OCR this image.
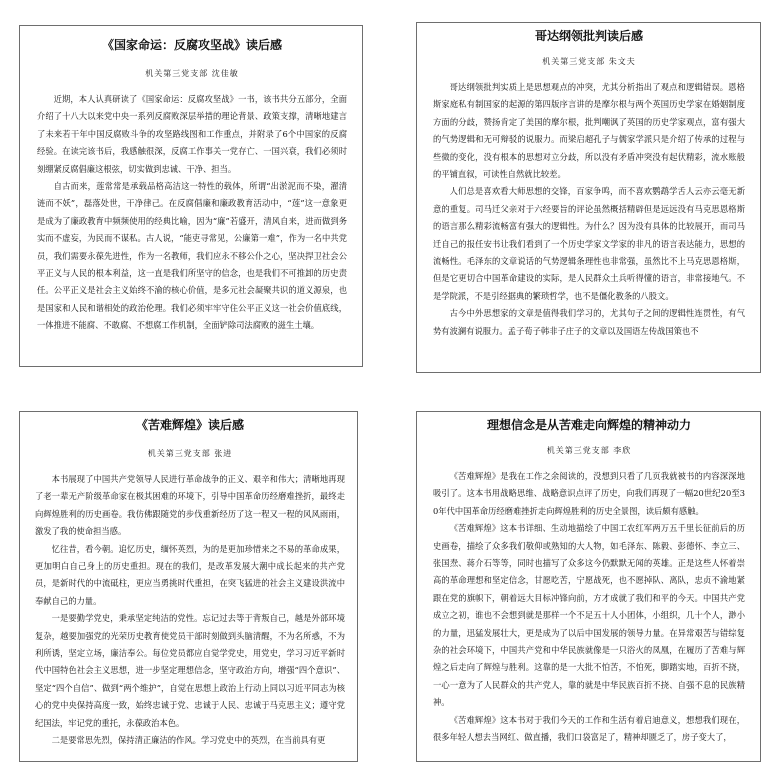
《国家命运：反腐攻坚战》读后感
机关第三党支部 沈佳敏

近期，本人认真研读了《国家命运：反腐攻坚战》一书，该书共分五部分，全面介绍了十八大以来党中央一系列反腐败深层举措的理论背景、政策支撑，清晰地建言了未来若干年中国反腐败斗争的攻坚路线图和工作重点，并附录了6个中国家的反腐经验。在读完该书后，我感触很深，反腐工作事关一党存亡、一国兴衰，我们必须时刻绷紧反腐倡廉这根弦，切实做到忠诚、干净、担当。

自古而来，莲常常是承载品格高洁这一特性的载体，所谓“出淤泥而不染，濯清涟而不妖”，磊落处世，干净律己。在反腐倡廉和廉政教育活动中，“莲”这一意象更是成为了廉政教育中频频使用的经典比喻，因为“廉”若盛开，清风自来，进而做到务实而不虚妄，为民而不谋私。古人说，“能吏寻常见，公廉第一难”，作为一名中共党员，我们需要永葆先进性，作为一名教师，我们应永不移公仆之心，坚决捍卫社会公平正义与人民的根本利益，这一直是我们所坚守的信念，也是我们不可推卸的历史责任。公平正义是社会主义始终不渝的核心价值，是多元社会凝聚共识的道义源泉，也是国家和人民和谐相处的政治伦理。我们必须牢牢守住公平正义这一社会价值底线，一体推进不能腐、不敢腐、不想腐工作机制，全面铲除司法腐败的滋生土壤。

哥达纲领批判读后感
机关第三党支部 朱文夫

哥达纲领批判实质上是思想观点的冲突，尤其分析指出了观点和逻辑错误。恩格斯家庭私有制国家的起源的第四版序言讲的是摩尔根与两个英国历史学家在婚姻制度方面的分歧，赞扬肯定了美国的摩尔根，批判嘲讽了英国的历史学家观点，富有强大的气势逻辑和无可辩驳的说服力。而梁启超孔子与儒家学派只是介绍了传承的过程与些微的变化，没有根本的思想对立分歧，所以没有矛盾冲突没有起伏精彩，流水账般的平铺直叙，可读性自然就比较差。

人们总是喜欢看大师思想的交锋，百家争鸣，而不喜欢鹦鹉学舌人云亦云毫无新意的重复。司马迁父亲对于六经要旨的评论虽然概括精辟但是远远没有马克思恩格斯的语言那么精彩流畅富有强大的逻辑性。为什么？因为没有具体的比较展开，而司马迁自己的报任安书让我们看到了一个历史学家文学家的非凡的语言表达能力，思想的流畅性。毛泽东的文章说话的气势逻辑条理性也非常强，虽然比不上马克思恩格斯，但是它更切合中国革命建设的实际，是人民群众土兵听得懂的语言，非常接地气。不是学院派，不是引经据典的繁琐哲学，也不是僵化教条的八股文。

古今中外思想家的文章是值得我们学习的，尤其句子之间的逻辑性连贯性，有气势有波澜有说服力。孟子荀子韩非子庄子的文章以及国语左传战国策也不

《苦难辉煌》读后感
机关第三党支部 张进

本书展现了中国共产党领导人民进行革命战争的正义、艰辛和伟大；清晰地再现了老一辈无产阶级革命家在极其困难的环境下，引导中国革命历经磨难挫折，最终走向辉煌胜利的历史画卷。我仿佛跟随党的步伐重新经历了这一程又一程的风风雨雨，激发了我的使命担当感。

忆往昔，看今朝。追忆历史，缅怀英烈，为的是更加珍惜来之不易的革命成果，更加明白自己身上的历史重担。现在的我们，是改革发展大潮中成长起来的共产党员，是新时代的中流砥柱，更应当勇挑时代重担，在突飞猛进的社会主义建设洪流中奉献自己的力量。

一是要勤学党史，秉承坚定纯洁的党性。忘记过去等于背叛自己，越是外部环境复杂，越要加强党的光荣历史教育使党员干部时刻做到头脑清醒，不为名所惑，不为利所诱，坚定立场，廉洁奉公。每位党员都应自觉学党史，用党史，学习习近平新时代中国特色社会主义思想，进一步坚定理想信念，坚守政治方向，增强“四个意识”、坚定“四个自信”、做到“两个维护”，自觉在思想上政治上行动上同以习近平同志为核心的党中央保持高度一致，始终忠诚于党、忠诚于人民、忠诚于马克思主义；遵守党纪国法，牢记党的重托，永葆政治本色。

二是要常思先烈，保持清正廉洁的作风。学习党史中的英烈，在当前具有更

理想信念是从苦难走向辉煌的精神动力
机关第三党支部 李欣

《苦难辉煌》是我在工作之余阅读的，没想到只看了几页我就被书的内容深深地吸引了。这本书用战略思维、战略意识点评了历史，向我们再现了一幅20世纪20至30年代中国革命历经磨难挫折走向辉煌胜利的历史全景图，读后颇有感触。

《苦难辉煌》这本书详细、生动地描绘了中国工农红军两万五千里长征前后的历史画卷，描绘了众多我们敬仰或熟知的大人物，如毛泽东、陈毅、彭德怀、李立三、张国焘、蒋介石等等，同时也描写了众多这今仍默默无闻的英雄。正是这些人怀着崇高的革命理想和坚定信念，甘愿吃苦，宁愿战死，也不愿掉队、离队，忠贞不渝地紧跟在党的旗帜下，朝着远大目标冲锋向前，方才成就了我们和平的今天。中国共产党成立之初，谁也不会想到就是那样一个不足五十人小团体，小组织，几十个人，渺小的力量，迅猛发展壮大，更是成为了以后中国发展的领导力量。在异常艰苦与错综复杂的社会环境下，中国共产党和中华民族就像是一只浴火的凤凰，在履历了苦难与辉煌之后走向了辉煌与胜利。这靠的是一大批不怕苦，不怕死，脚踏实地，百折不挠，一心一意为了人民群众的共产党人，靠的就是中华民族百折不挠、自强不息的民族精神。

《苦难辉煌》这本书对于我们今天的工作和生活有着启迪意义，想想我们现在，很多年轻人想去当网红、做直播，我们口袋富足了，精神却匮乏了，房子变大了，
